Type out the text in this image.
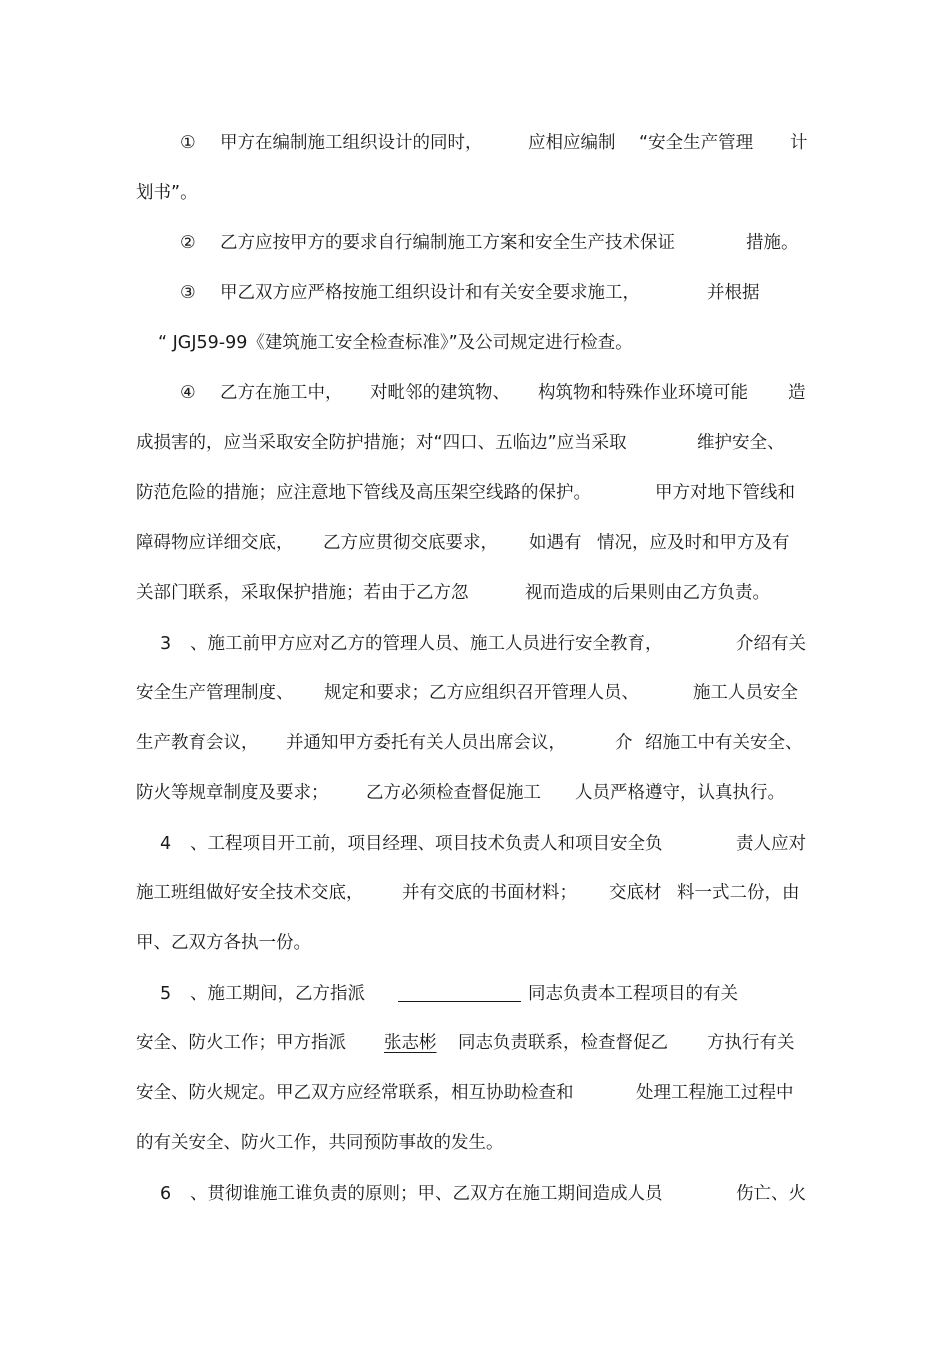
①

甲方在编制施工组织设计的同时，

	应相应编制

“安全生产管理

计

划书”。

②

乙方应按甲方的要求自行编制施工方案和安全生产技术保证

	措施。

③

甲乙双方应严格按施工组织设计和有关安全要求施工，

	并根据

“ JGJ59-99《建筑施工安全检查标准》”及公司规定进行检查。

④

乙方在施工中，

对毗邻的建筑物、

构筑物和特殊作业环境可能

造

成损害的，应当采取安全防护措施；对“四口、五临边”应当采取

	维护安全、

防范危险的措施；应注意地下管线及高压架空线路的保护。

	甲方对地下管线和

障碍物应详细交底，

乙方应贯彻交底要求，

如遇有

情况，应及时和甲方及有

关部门联系，采取保护措施；若由于乙方忽

	视而造成的后果则由乙方负责。

3

、施工前甲方应对乙方的管理人员、施工人员进行安全教育，

	介绍有关

安全生产管理制度、

规定和要求；乙方应组织召开管理人员、

	施工人员安全

生产教育会议，

并通知甲方委托有关人员出席会议，

	介

绍施工中有关安全、

防火等规章制度及要求；

乙方必须检查督促施工

人员严格遵守，认真执行。

4

、工程项目开工前，项目经理、项目技术负责人和项目安全负

	责人应对

施工班组做好安全技术交底，

并有交底的书面材料；

交底材

料一式二份，由

甲、乙双方各执一份。

5

、施工期间，乙方指派

	同志负责本工程项目的有关

安全、防火工作；甲方指派

张志彬

同志负责联系，检查督促乙

方执行有关

安全、防火规定。甲乙双方应经常联系，相互协助检查和

	处理工程施工过程中

的有关安全、防火工作，共同预防事故的发生。

6

、贯彻谁施工谁负责的原则；甲、乙双方在施工期间造成人员

	伤亡、火
